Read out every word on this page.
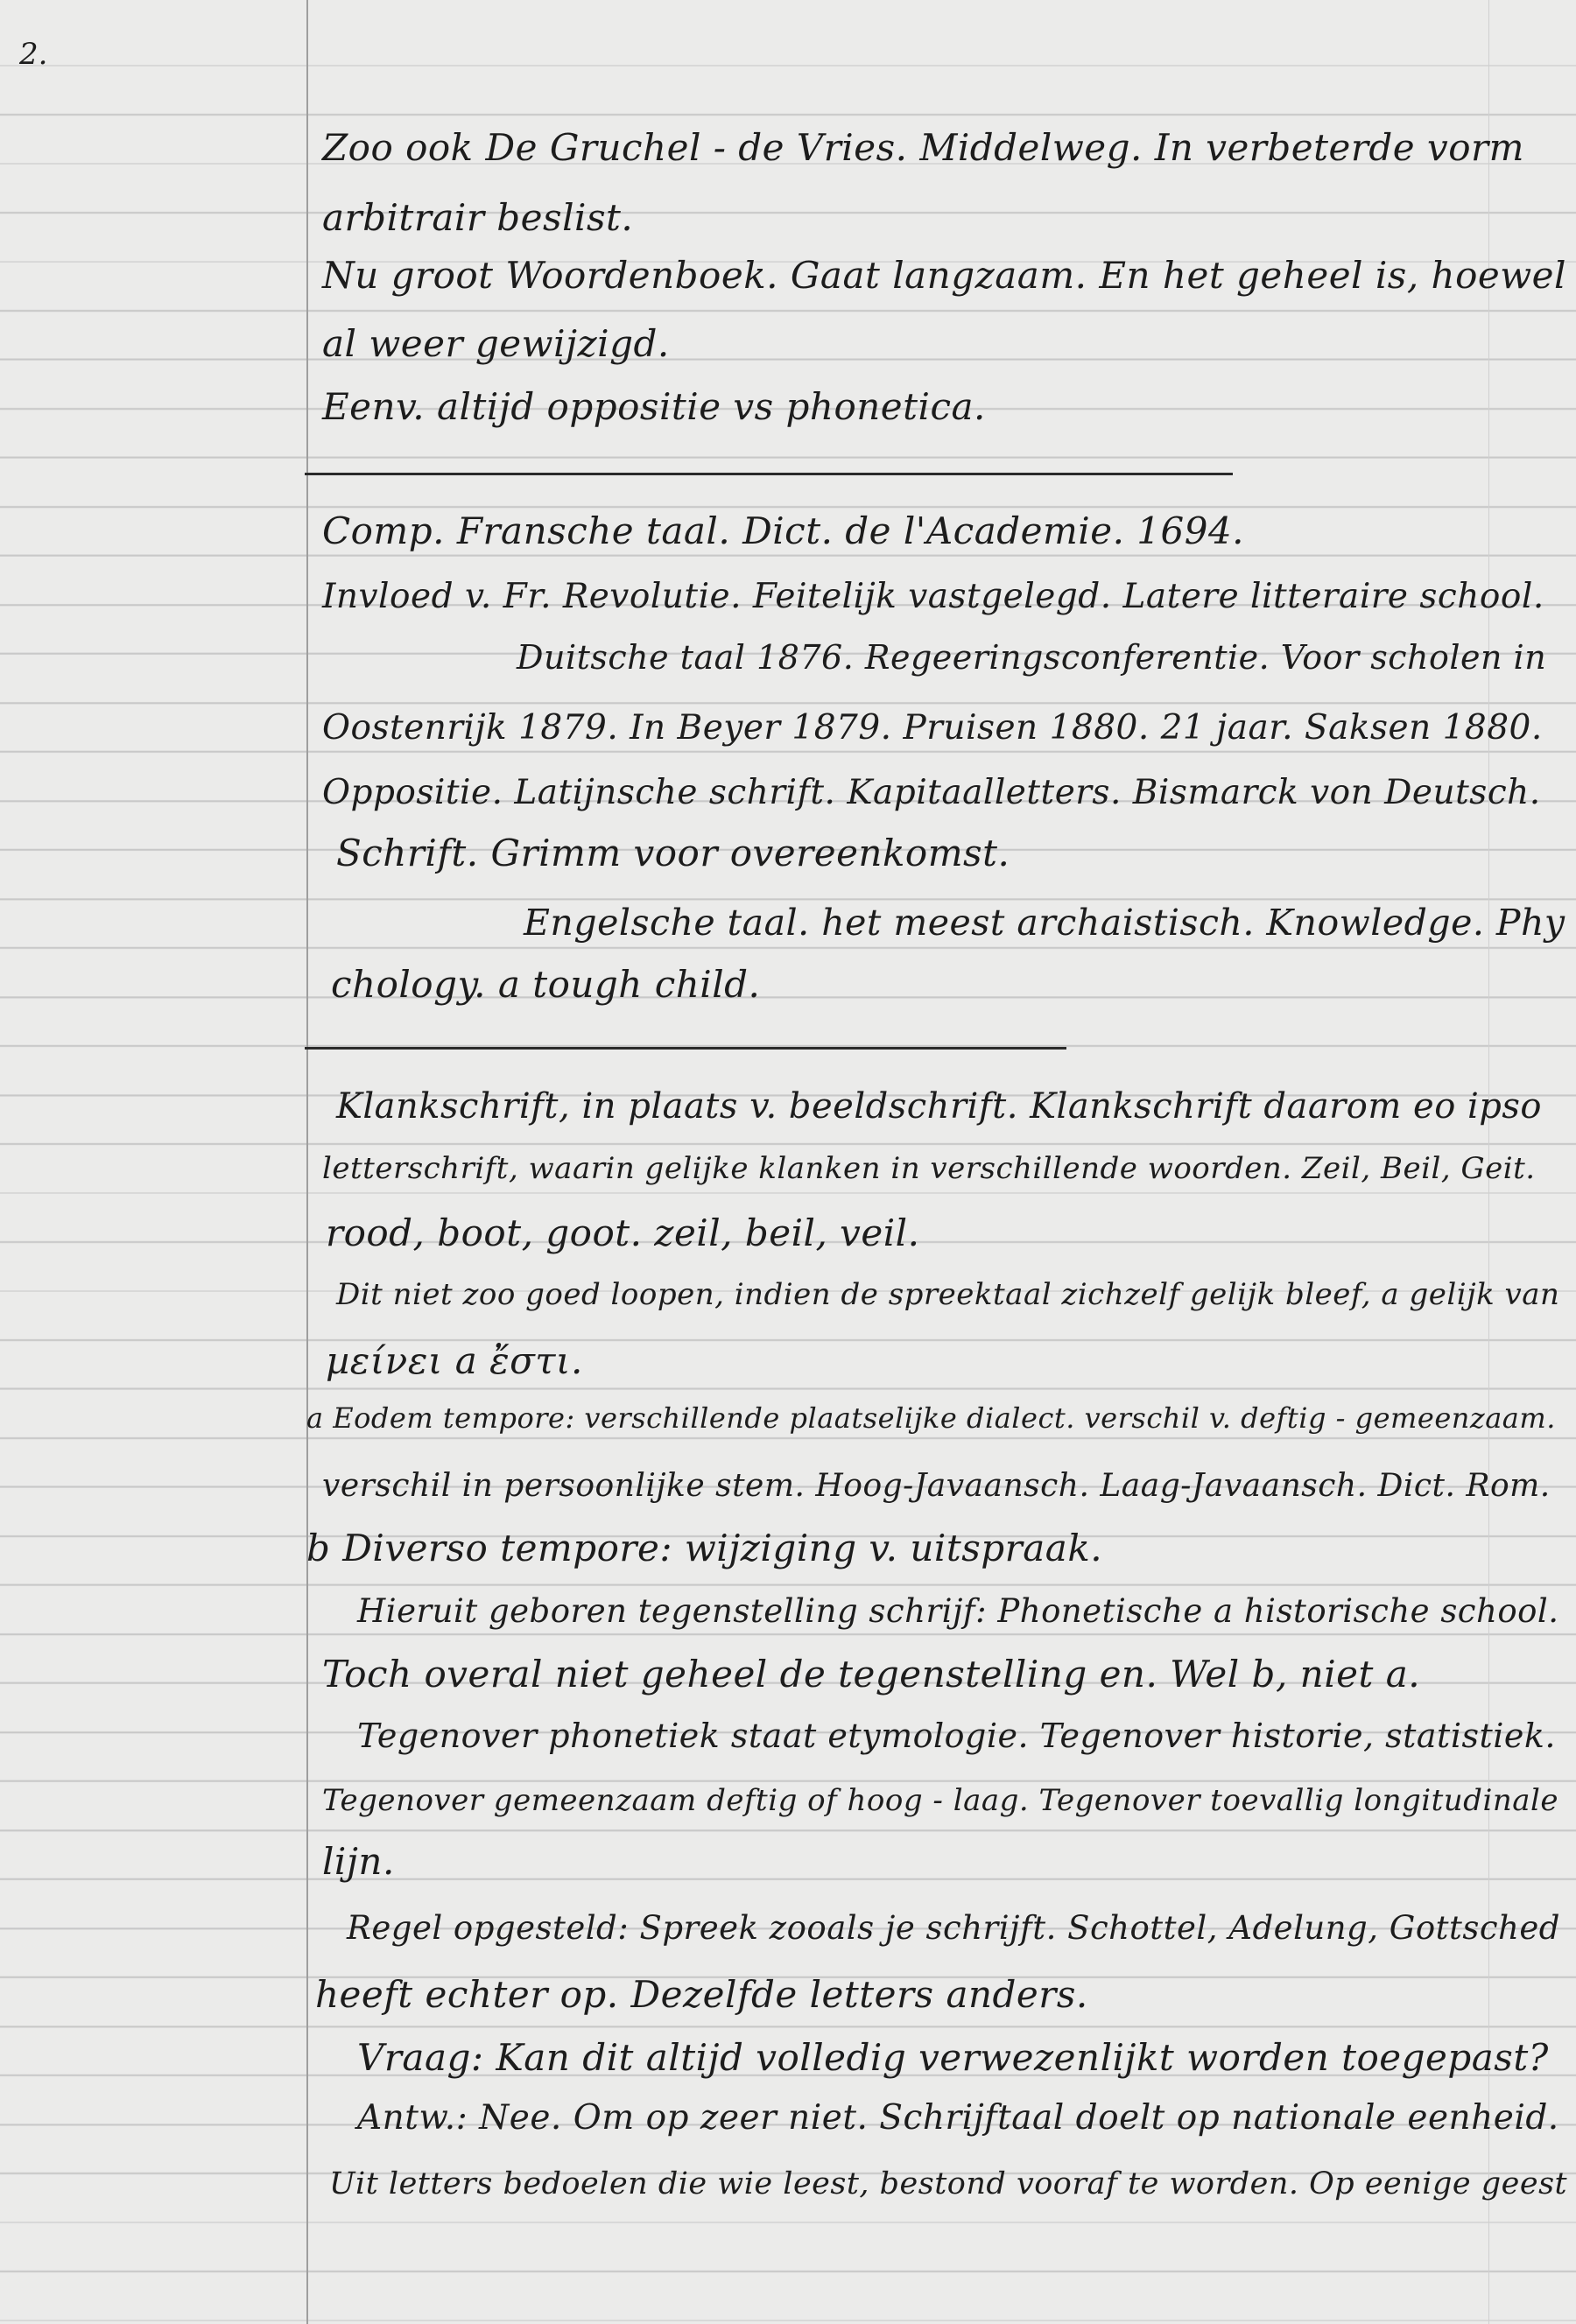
2.
Zoo ook De Gruchel - de Vries. Middelweg. In verbeterde vorm
arbitrair beslist.
Nu groot Woordenboek. Gaat langzaam. En het geheel is, hoewel
al weer gewijzigd.
Eenv. altijd oppositie vs phonetica.
Comp. Fransche taal. Dict. de l'Academie. 1694.
Invloed v. Fr. Revolutie. Feitelijk vastgelegd. Latere litteraire school.
Duitsche taal 1876. Regeeringsconferentie. Voor scholen in
Oostenrijk 1879. In Beyer 1879. Pruisen 1880. 21 jaar. Saksen 1880.
Oppositie. Latijnsche schrift. Kapitaalletters. Bismarck von Deutsch.
Schrift. Grimm voor overeenkomst.
Engelsche taal. het meest archaistisch. Knowledge. Phy
chology. a tough child.
Klankschrift, in plaats v. beeldschrift. Klankschrift daarom eo ipso
letterschrift, waarin gelijke klanken in verschillende woorden. Zeil, Beil, Geit.
rood, boot, goot. zeil, beil, veil.
Dit niet zoo goed loopen, indien de spreektaal zichzelf gelijk bleef, a gelijk van
µείνει a ἔστι.
a Eodem tempore: verschillende plaatselijke dialect. verschil v. deftig - gemeenzaam.
verschil in persoonlijke stem. Hoog-Javaansch. Laag-Javaansch. Dict. Rom.
b Diverso tempore: wijziging v. uitspraak.
Hieruit geboren tegenstelling schrijf: Phonetische a historische school.
Toch overal niet geheel de tegenstelling en. Wel b, niet a.
Tegenover phonetiek staat etymologie. Tegenover historie, statistiek.
Tegenover gemeenzaam deftig of hoog - laag. Tegenover toevallig longitudinale
lijn.
Regel opgesteld: Spreek zooals je schrijft. Schottel, Adelung, Gottsched
heeft echter op. Dezelfde letters anders.
Vraag: Kan dit altijd volledig verwezenlijkt worden toegepast?
Antw.: Nee. Om op zeer niet. Schrijftaal doelt op nationale eenheid.
Uit letters bedoelen die wie leest, bestond vooraf te worden. Op eenige geest
